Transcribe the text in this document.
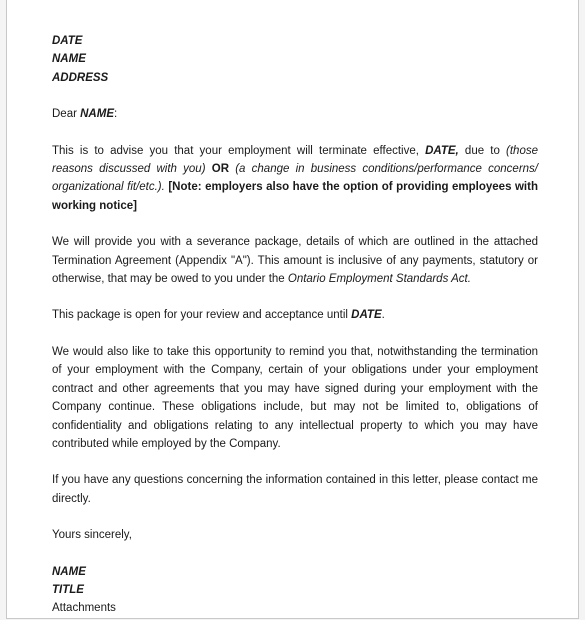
DATE

NAME

ADDRESS

Dear NAME:

This is to advise you that your employment will terminate effective, DATE, due to (those reasons discussed with you) OR (a change in business conditions/performance concerns/ organizational fit/etc.). [Note: employers also have the option of providing employees with working notice]

We will provide you with a severance package, details of which are outlined in the attached Termination Agreement (Appendix "A"). This amount is inclusive of any payments, statutory or otherwise, that may be owed to you under the Ontario Employment Standards Act.

This package is open for your review and acceptance until DATE.

We would also like to take this opportunity to remind you that, notwithstanding the termination of your employment with the Company, certain of your obligations under your employment contract and other agreements that you may have signed during your employment with the Company continue. These obligations include, but may not be limited to, obligations of confidentiality and obligations relating to any intellectual property to which you may have contributed while employed by the Company.

If you have any questions concerning the information contained in this letter, please contact me directly.

Yours sincerely,

NAME

TITLE

Attachments
